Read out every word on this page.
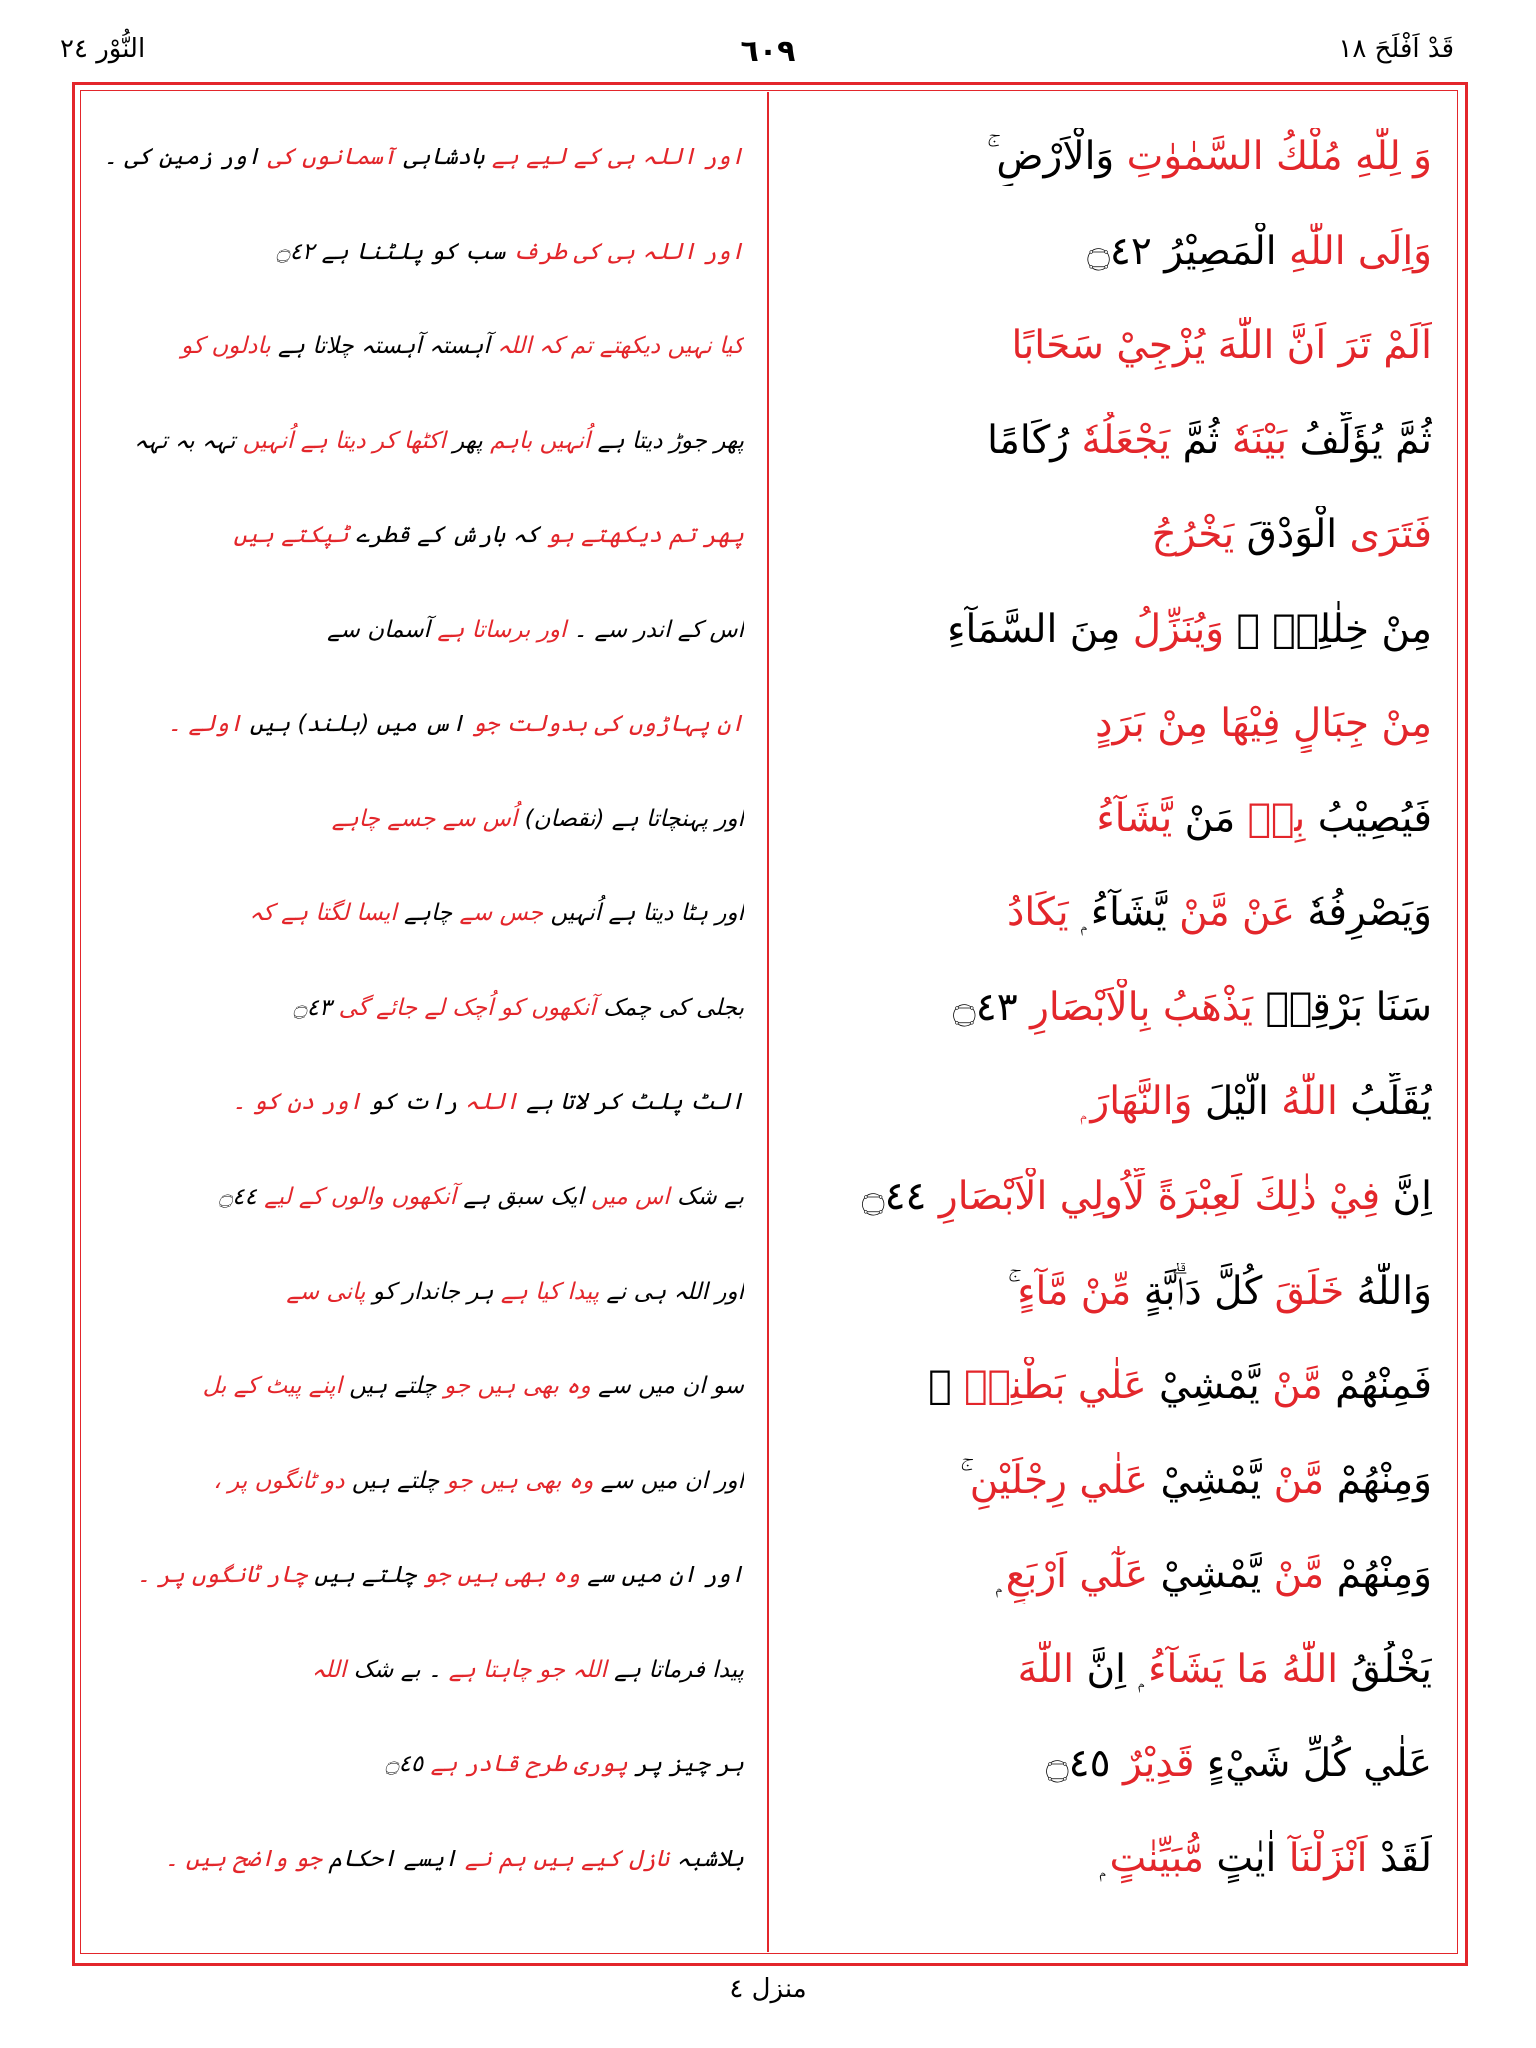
قَدْ اَفْلَحَ ١٨
٦٠٩
النُّوْر ٢٤
وَ لِلّٰهِ مُلْكُ السَّمٰوٰتِ وَالْاَرْضِ ۚ
وَاِلَى اللّٰهِ الْمَصِيْرُ ۝٤٢
اَلَمْ تَرَ اَنَّ اللّٰهَ يُزْجِيْ سَحَابًا
ثُمَّ يُؤَلِّفُ بَيْنَهٗ ثُمَّ يَجْعَلُهٗ رُكَامًا
فَتَرَى الْوَدْقَ يَخْرُجُ
مِنْ خِلٰلِهٖ ۚ وَيُنَزِّلُ مِنَ السَّمَآءِ
مِنْ جِبَالٍ فِيْهَا مِنْ بَرَدٍ
فَيُصِيْبُ بِهٖ مَنْ يَّشَآءُ
وَيَصْرِفُهٗ عَنْ مَّنْ يَّشَآءُ ۭ يَكَادُ
سَنَا بَرْقِهٖ يَذْهَبُ بِالْاَبْصَارِ ۝٤٣
يُقَلِّبُ اللّٰهُ الَّيْلَ وَالنَّهَارَ ۭ
اِنَّ فِيْ ذٰلِكَ لَعِبْرَةً لِّاُولِي الْاَبْصَارِ ۝٤٤
وَاللّٰهُ خَلَقَ كُلَّ دَاۗبَّةٍ مِّنْ مَّآءٍ ۚ
فَمِنْهُمْ مَّنْ يَّمْشِيْ عَلٰي بَطْنِهٖ ۚ
وَمِنْهُمْ مَّنْ يَّمْشِيْ عَلٰي رِجْلَيْنِ ۚ
وَمِنْهُمْ مَّنْ يَّمْشِيْ عَلٰٓي اَرْبَعٍ ۭ
يَخْلُقُ اللّٰهُ مَا يَشَآءُ ۭ اِنَّ اللّٰهَ
عَلٰي كُلِّ شَيْءٍ قَدِيْرٌ ۝٤٥
لَقَدْ اَنْزَلْنَآ اٰيٰتٍ مُّبَيِّنٰتٍ ۭ
اور اللہ ہی کے لیے ہے بادشاہی آسمانوں کی اور زمین کی ۔
اور اللہ ہی کی طرف سب کو پلٹنا ہے ۝٤٢
کیا نہیں دیکھتے تم کہ اللہ آہستہ آہستہ چلاتا ہے بادلوں کو
پھر جوڑ دیتا ہے اُنہیں باہم پھر اکٹھا کر دیتا ہے اُنہیں تہہ بہ تہہ
پھر تم دیکھتے ہو کہ بارش کے قطرے ٹپکتے ہیں
اس کے اندر سے ۔ اور برساتا ہے آسمان سے
ان پہاڑوں کی بدولت جو اس میں (بلند) ہیں اولے ۔
اور پہنچاتا ہے (نقصان) اُس سے جسے چاہے
اور ہٹا دیتا ہے اُنہیں جس سے چاہے ایسا لگتا ہے کہ
بجلی کی چمک آنکھوں کو اُچک لے جائے گی ۝٤٣
الٹ پلٹ کر لاتا ہے اللہ رات کو اور دن کو ۔
بے شک اس میں ایک سبق ہے آنکھوں والوں کے لیے ۝٤٤
اور اللہ ہی نے پیدا کیا ہے ہر جاندار کو پانی سے
سو ان میں سے وہ بھی ہیں جو چلتے ہیں اپنے پیٹ کے بل
اور ان میں سے وہ بھی ہیں جو چلتے ہیں دو ٹانگوں پر ،
اور ان میں سے وہ بھی ہیں جو چلتے ہیں چار ٹانگوں پر ۔
پیدا فرماتا ہے اللہ جو چاہتا ہے ۔ بے شک اللہ
ہر چیز پر پوری طرح قادر ہے ۝٤٥
بلاشبہ نازل کیے ہیں ہم نے ایسے احکام جو واضح ہیں ۔
منزل ٤
